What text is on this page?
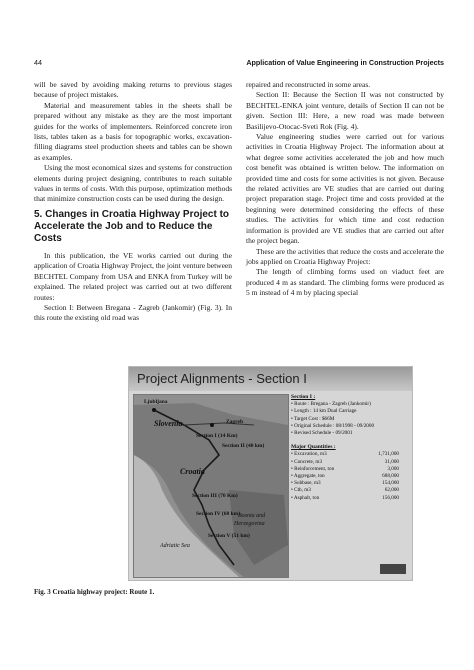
44	Application of Value Engineering in Construction Projects

will be saved by avoiding making returns to previous stages because of project mistakes.

Material and measurement tables in the sheets shall be prepared without any mistake as they are the most important guides for the works of implementers. Reinforced concrete iron lists, tables taken as a basis for topographic works, excavation-filling diagrams steel production sheets and tables can be shown as examples.

Using the most economical sizes and systems for construction elements during project designing, contributes to reach suitable values in terms of costs. With this purpose, optimization methods that minimize construction costs can be used during the design.

5. Changes in Croatia Highway Project to Accelerate the Job and to Reduce the Costs

In this publication, the VE works carried out during the application of Croatia Highway Project, the joint venture between BECHTEL Company from USA and ENKA from Turkey will be explained. The related project was carried out at two different routes:

Section I: Between Bregana - Zagreb (Jankomir) (Fig. 3). In this route the existing old road was

repaired and reconstructed in some areas.

Section II: Because the Section II was not constructed by BECHTEL-ENKA joint venture, details of Section II can not be given. Section III: Here, a new road was made between Basilijevo-Otocac-Sveti Rok (Fig. 4).

Value engineering studies were carried out for various activities in Croatia Highway Project. The information about at what degree some activities accelerated the job and how much cost benefit was obtained is written below. The information on provided time and costs for some activities is not given. Because the related activities are VE studies that are carried out during project preparation stage. Project time and costs provided at the beginning were determined considering the effects of these studies. The activities for which time and cost reduction information is provided are VE studies that are carried out after the project began.

These are the activities that reduce the costs and accelerate the jobs applied on Croatia Highway Project:

The length of climbing forms used on viaduct feet are produced 4 m as standard. The climbing forms were produced as 5 m instead of 4 m by placing special

Project Alignments - Section I
Ljubljana
Zagreb
Slovenia
Croatia
Bosnia and
Herzegovina
Adriatic Sea
Section I (14 Km)
Section II (40 km)
Section III (70 Km)
Section IV (60 km)
Section V (51 km)
Section I :
• Route : Bregana - Zagreb (Jankomir)
• Length : 14 km Dual Carriage
• Target Cost : $66M
• Original Schedule : 08/1998 - 09/2000
• Revised Schedule - 09/2001
Major Quantities :
• Excavation, m3	1,731,000
• Concrete, m3	31,000
• Reinforcement, ton	3,000
• Aggregate, ton	688,000
• Subbase, m3	154,000
• Ctb, m3	62,000
• Asphalt, ton	156,000
Fig. 3 Croatia highway project: Route 1.
